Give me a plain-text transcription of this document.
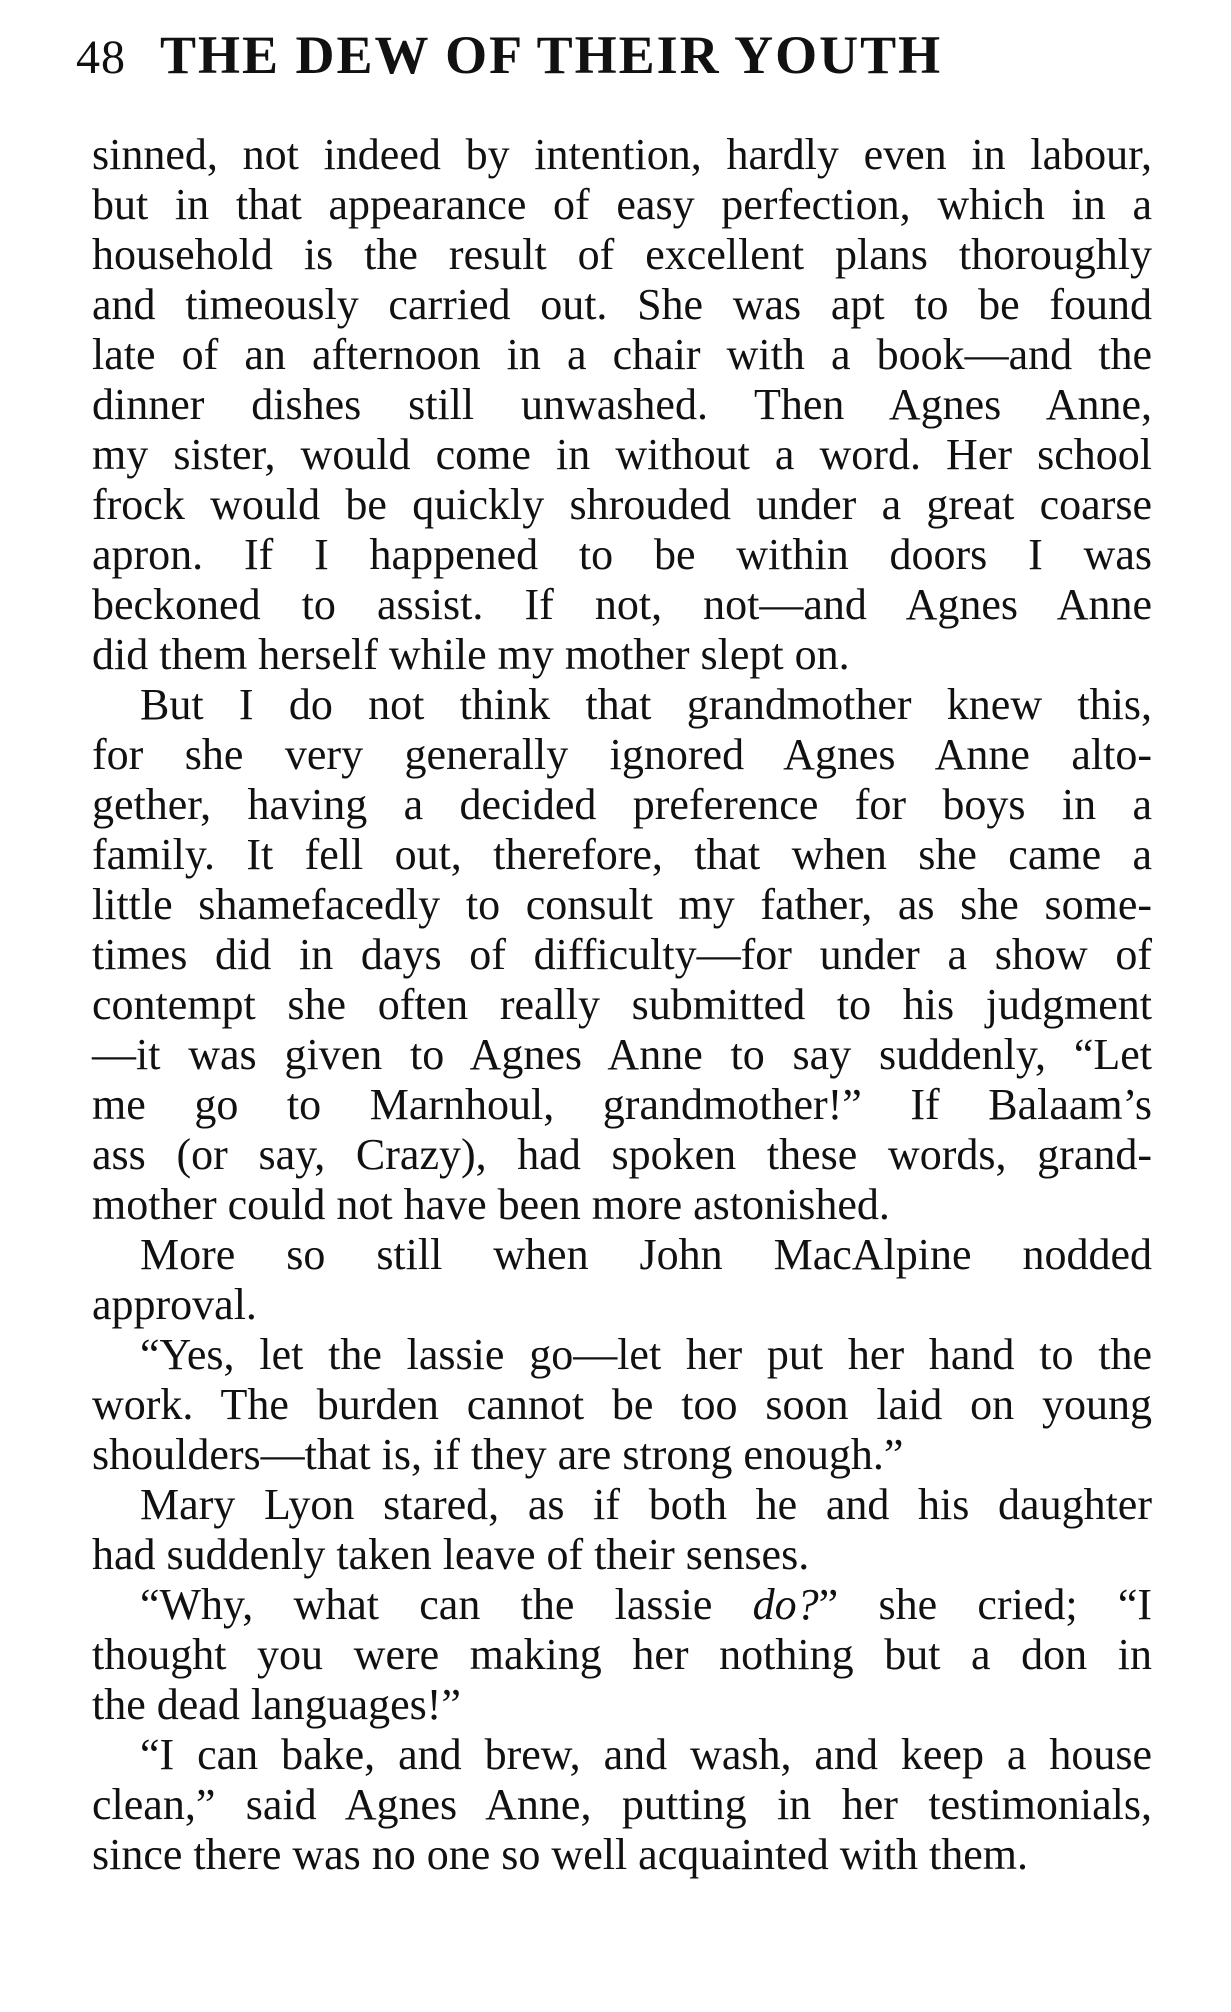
48 THE DEW OF THEIR YOUTH
sinned, not indeed by intention, hardly even in labour,
but in that appearance of easy perfection, which in a
household is the result of excellent plans thoroughly
and timeously carried out. She was apt to be found
late of an afternoon in a chair with a book—and the
dinner dishes still unwashed. Then Agnes Anne,
my sister, would come in without a word. Her school
frock would be quickly shrouded under a great coarse
apron. If I happened to be within doors I was
beckoned to assist. If not, not—and Agnes Anne
did them herself while my mother slept on.
But I do not think that grandmother knew this,
for she very generally ignored Agnes Anne alto-
gether, having a decided preference for boys in a
family. It fell out, therefore, that when she came a
little shamefacedly to consult my father, as she some-
times did in days of difficulty—for under a show of
contempt she often really submitted to his judgment
—it was given to Agnes Anne to say suddenly, “Let
me go to Marnhoul, grandmother!” If Balaam’s
ass (or say, Crazy), had spoken these words, grand-
mother could not have been more astonished.
More so still when John MacAlpine nodded
approval.
“Yes, let the lassie go—let her put her hand to the
work. The burden cannot be too soon laid on young
shoulders—that is, if they are strong enough.”
Mary Lyon stared, as if both he and his daughter
had suddenly taken leave of their senses.
“Why, what can the lassie do?” she cried; “I
thought you were making her nothing but a don in
the dead languages!”
“I can bake, and brew, and wash, and keep a house
clean,” said Agnes Anne, putting in her testimonials,
since there was no one so well acquainted with them.
